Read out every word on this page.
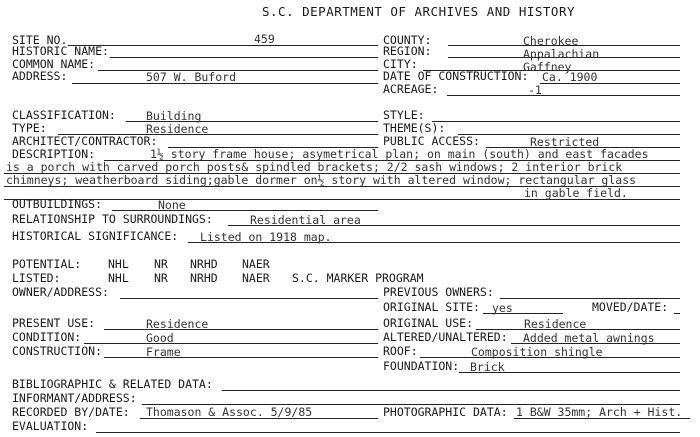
S.C. DEPARTMENT OF ARCHIVES AND HISTORY
SITE NO.	459
HISTORIC NAME:
COMMON NAME:
ADDRESS:	507 W. Buford
COUNTY:	Cherokee
REGION:	Appalachian
CITY:	Gaffney
DATE OF CONSTRUCTION: Ca. 1900
ACREAGE:	-1
CLASSIFICATION:	Building
TYPE:	Residence
ARCHITECT/CONTRACTOR:
STYLE:
THEME(S):
PUBLIC ACCESS:	Restricted
DESCRIPTION:	1½ story frame house; asymetrical plan; on main (south) and east facades
is a porch with carved porch posts& spindled brackets; 2/2 sash windows; 2 interior brick
chimneys; weatherboard siding;gable dormer on½ story with altered window; rectangular glass
in gable field.
OUTBUILDINGS:	None
RELATIONSHIP TO SURROUNDINGS:	Residential area
HISTORICAL SIGNIFICANCE: Listed on 1918 map.
POTENTIAL: NHL NR NRHD NAER
LISTED:	NHL NR NRHD NAER S.C. MARKER PROGRAM
OWNER/ADDRESS:	PREVIOUS OWNERS:
ORIGINAL SITE: yes	MOVED/DATE:
PRESENT USE:	Residence	ORIGINAL USE:	Residence
CONDITION:	Good	ALTERED/UNALTERED: Added metal awnings
CONSTRUCTION:	Frame	ROOF:	Composition shingle
FOUNDATION: Brick
BIBLIOGRAPHIC & RELATED DATA:
INFORMANT/ADDRESS:
RECORDED BY/DATE: Thomason & Assoc. 5/9/85	PHOTOGRAPHIC DATA: 1 B&W 35mm; Arch + Hist.
EVALUATION:
